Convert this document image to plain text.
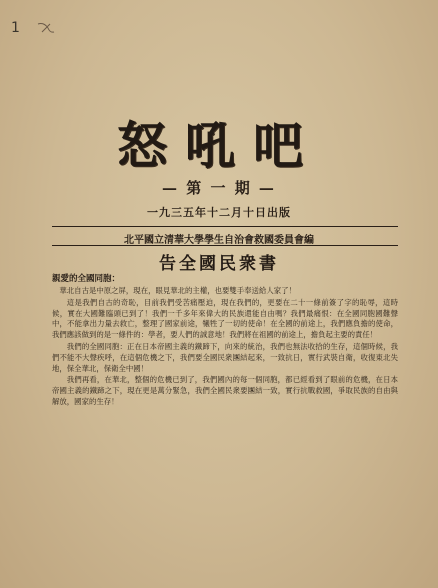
1
怒吼吧
— 第 一 期 —
一九三五年十二月十日出版
北平國立清華大學學生自治會救國委員會編
告全國民衆書
親愛的全國同胞：

華北自古是中原之屏，現在，眼見華北的主權，也要雙手奉送給人家了！

這是我們自古的奇恥，目前我們受苦痛壓迫，現在我們的，更要在二十一條前簽了字的恥辱，這時候，實在大國難臨頭已到了！我們一千多年來偉大的民族還能自由嗎？我們最痛恨：在全國同胞國難聲中，不能拿出力量去救亡，整理了國家前途，犧牲了一切的使命！在全國的前途上，我們應負擔的使命，我們應該做到的是一條件的：學者，要人們的誠意地！我們將在祖國的前途上，擔負起主要的責任！

我們的全國同胞：正在日本帝國主義的鐵蹄下，向來的統治，我們也無法收拾的生存，這個時候，我們不能不大聲疾呼，在這個危機之下，我們要全國民衆團結起來，一致抗日，實行武裝自衛，收復東北失地，保全華北，保衛全中國！

我們再看，在華北，整個的危機已到了，我們國內的每一個同胞，都已經看到了眼前的危機，在日本帝國主義的鐵蹄之下，現在更是萬分緊急，我們全國民衆要團結一致，實行抗戰救國，爭取民族的自由與解放，國家的生存！
